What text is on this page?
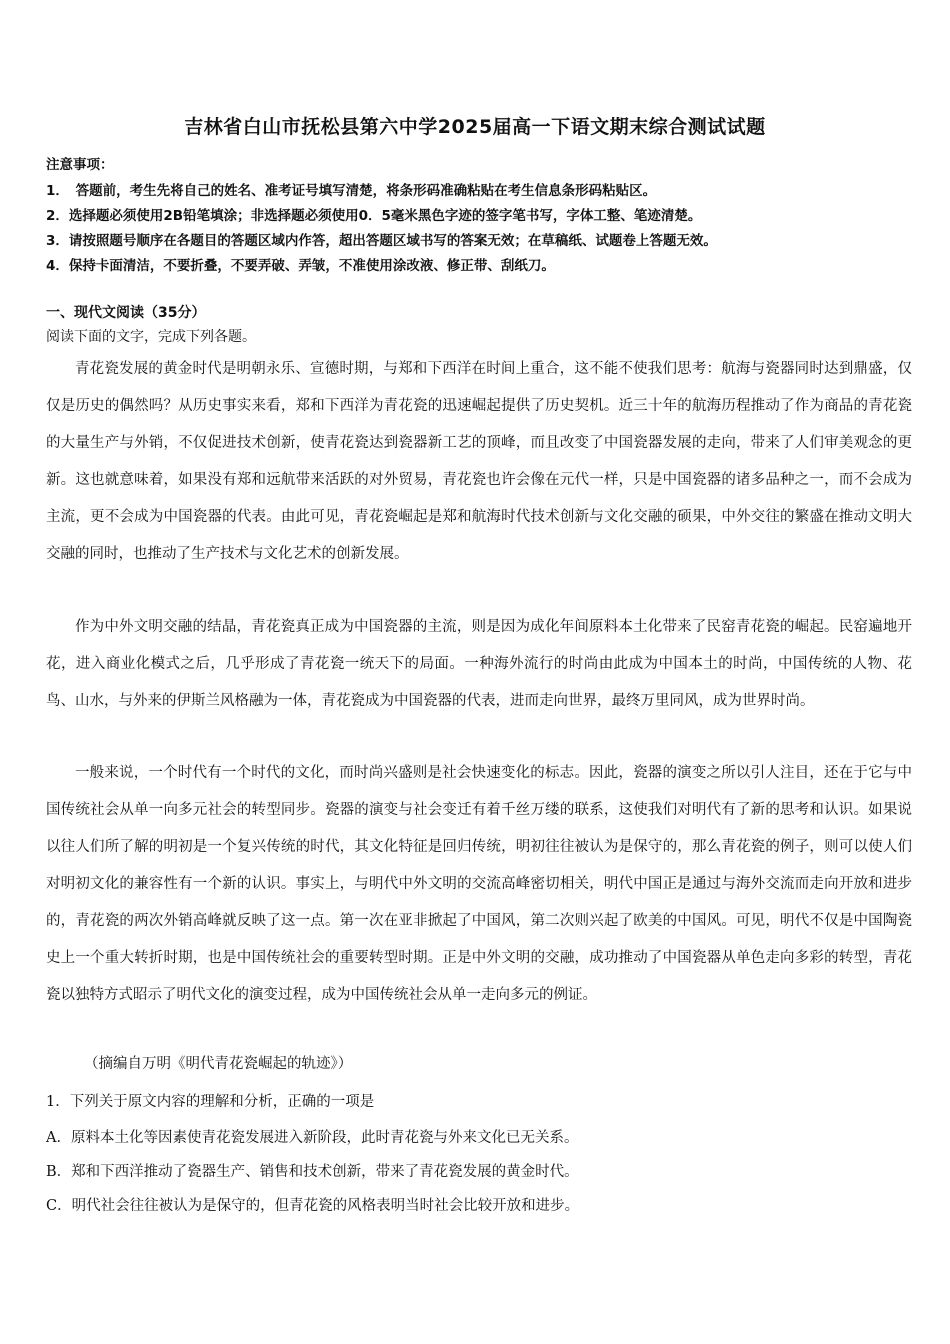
吉林省白山市抚松县第六中学2025届高一下语文期末综合测试试题
注意事项：
1．　答题前，考生先将自己的姓名、准考证号填写清楚，将条形码准确粘贴在考生信息条形码粘贴区。
2．选择题必须使用2B铅笔填涂；非选择题必须使用0．5毫米黑色字迹的签字笔书写，字体工整、笔迹清楚。
3．请按照题号顺序在各题目的答题区域内作答，超出答题区域书写的答案无效；在草稿纸、试题卷上答题无效。
4．保持卡面清洁，不要折叠，不要弄破、弄皱，不准使用涂改液、修正带、刮纸刀。
一、现代文阅读（35分）
阅读下面的文字，完成下列各题。
青花瓷发展的黄金时代是明朝永乐、宣德时期，与郑和下西洋在时间上重合，这不能不使我们思考：航海与瓷器同时达到鼎盛，仅仅是历史的偶然吗？从历史事实来看，郑和下西洋为青花瓷的迅速崛起提供了历史契机。近三十年的航海历程推动了作为商品的青花瓷的大量生产与外销，不仅促进技术创新，使青花瓷达到瓷器新工艺的顶峰，而且改变了中国瓷器发展的走向，带来了人们审美观念的更新。这也就意味着，如果没有郑和远航带来活跃的对外贸易，青花瓷也许会像在元代一样，只是中国瓷器的诸多品种之一，而不会成为主流，更不会成为中国瓷器的代表。由此可见，青花瓷崛起是郑和航海时代技术创新与文化交融的硕果，中外交往的繁盛在推动文明大交融的同时，也推动了生产技术与文化艺术的创新发展。
作为中外文明交融的结晶，青花瓷真正成为中国瓷器的主流，则是因为成化年间原料本土化带来了民窑青花瓷的崛起。民窑遍地开花，进入商业化模式之后，几乎形成了青花瓷一统天下的局面。一种海外流行的时尚由此成为中国本土的时尚，中国传统的人物、花鸟、山水，与外来的伊斯兰风格融为一体，青花瓷成为中国瓷器的代表，进而走向世界，最终万里同风，成为世界时尚。
一般来说，一个时代有一个时代的文化，而时尚兴盛则是社会快速变化的标志。因此，瓷器的演变之所以引人注目，还在于它与中国传统社会从单一向多元社会的转型同步。瓷器的演变与社会变迁有着千丝万缕的联系，这使我们对明代有了新的思考和认识。如果说以往人们所了解的明初是一个复兴传统的时代，其文化特征是回归传统，明初往往被认为是保守的，那么青花瓷的例子，则可以使人们对明初文化的兼容性有一个新的认识。事实上，与明代中外文明的交流高峰密切相关，明代中国正是通过与海外交流而走向开放和进步的，青花瓷的两次外销高峰就反映了这一点。第一次在亚非掀起了中国风，第二次则兴起了欧美的中国风。可见，明代不仅是中国陶瓷史上一个重大转折时期，也是中国传统社会的重要转型时期。正是中外文明的交融，成功推动了中国瓷器从单色走向多彩的转型，青花瓷以独特方式昭示了明代文化的演变过程，成为中国传统社会从单一走向多元的例证。
（摘编自万明《明代青花瓷崛起的轨迹》）
1．下列关于原文内容的理解和分析，正确的一项是
A．原料本土化等因素使青花瓷发展进入新阶段，此时青花瓷与外来文化已无关系。
B．郑和下西洋推动了瓷器生产、销售和技术创新，带来了青花瓷发展的黄金时代。
C．明代社会往往被认为是保守的，但青花瓷的风格表明当时社会比较开放和进步。
